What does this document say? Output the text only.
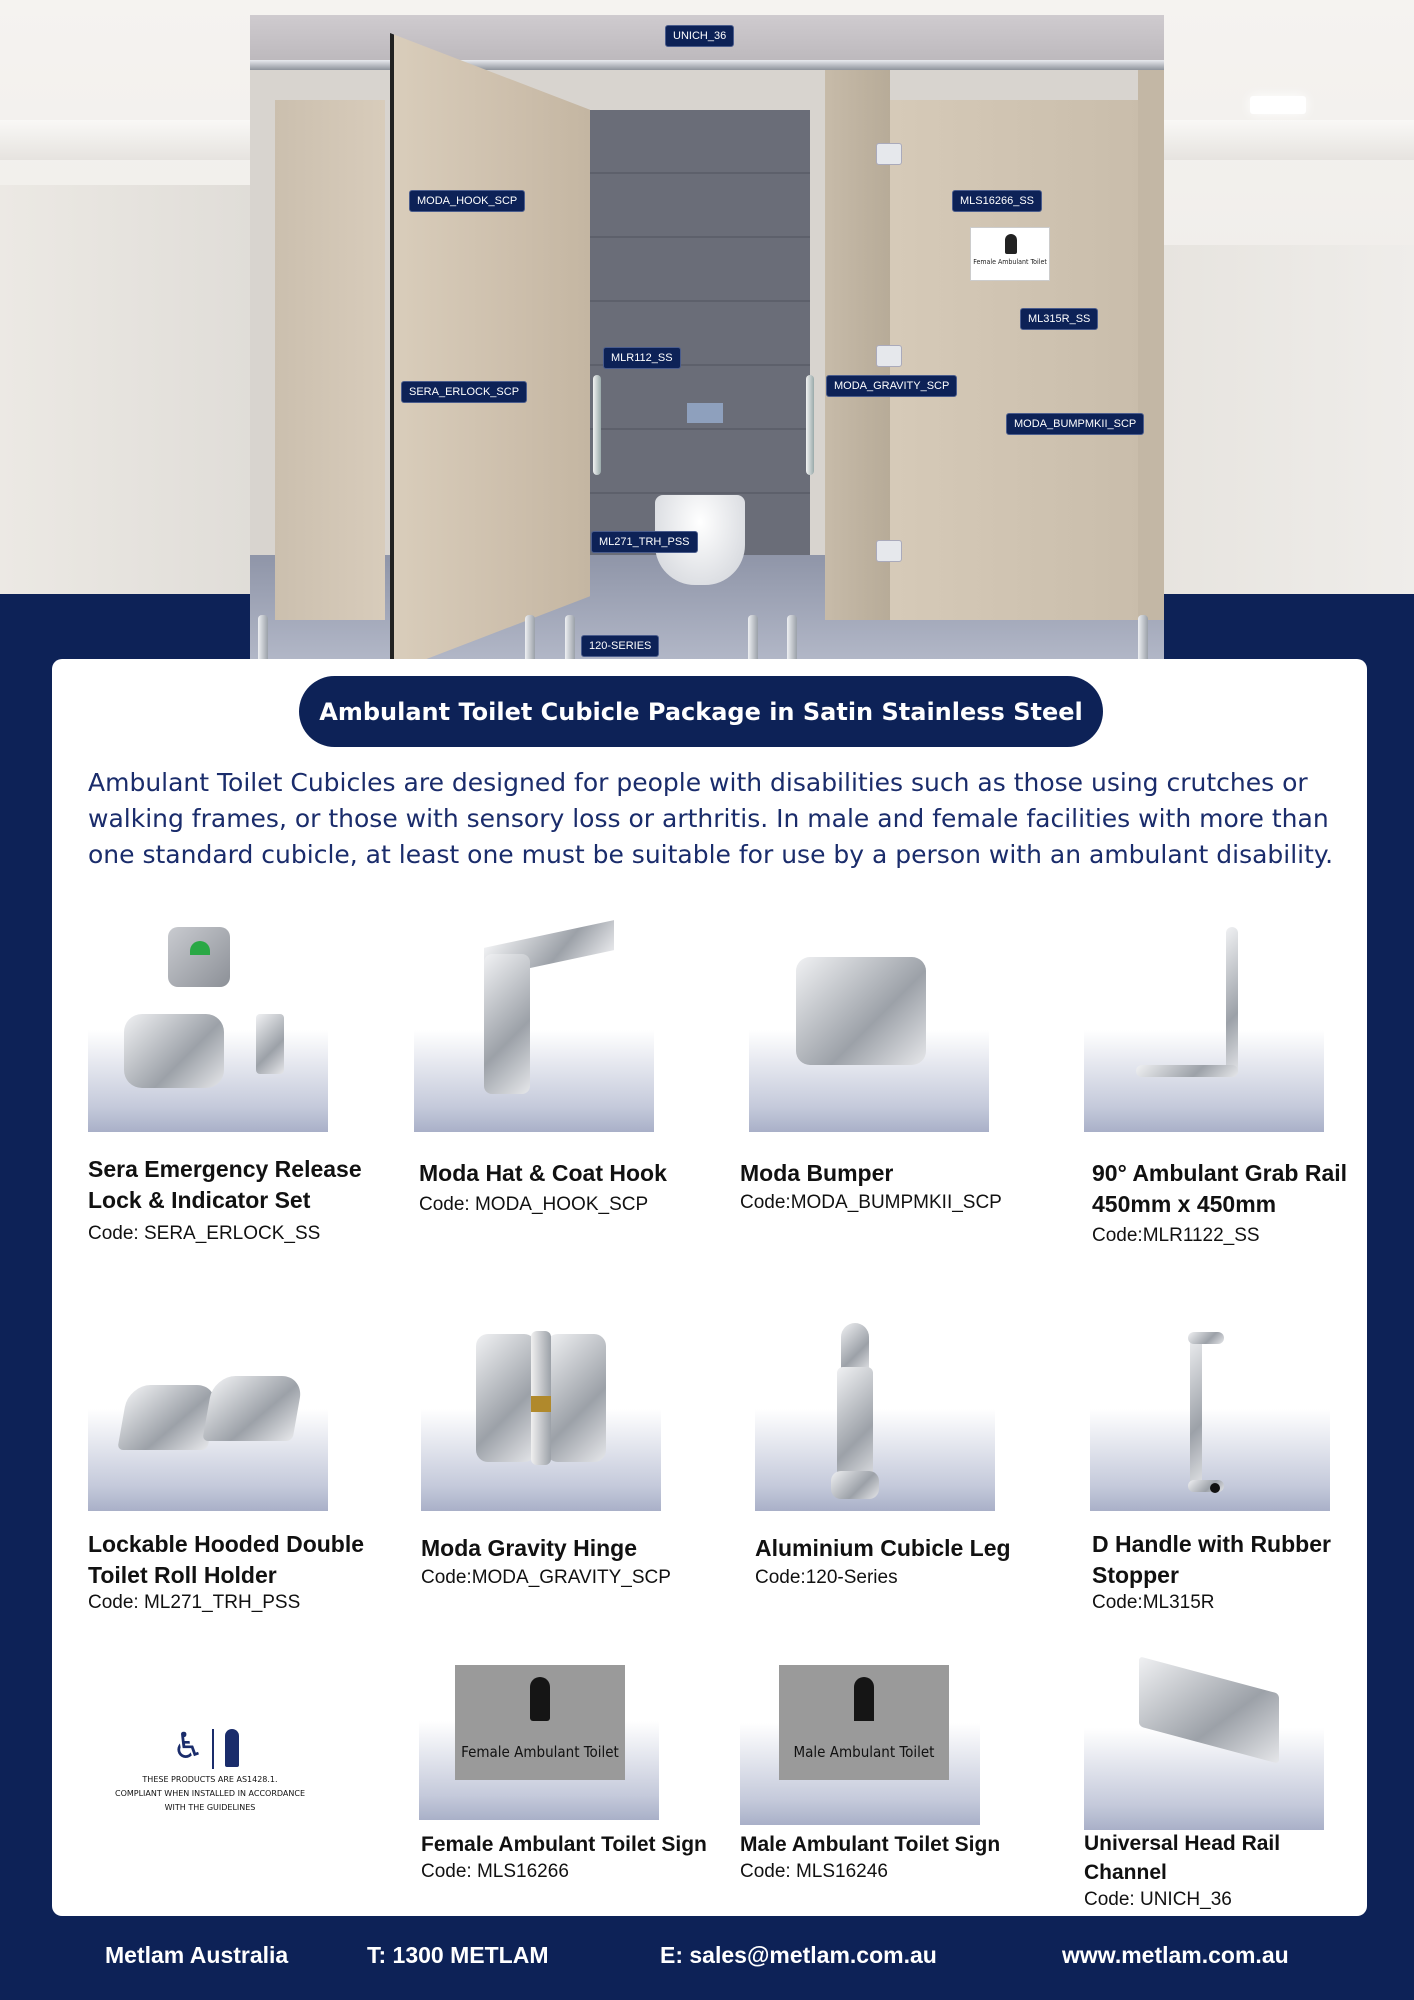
Female Ambulant Toilet
UNICH_36
MODA_HOOK_SCP
SERA_ERLOCK_SCP
MLR112_SS
ML271_TRH_PSS
120-SERIES
MLS16266_SS
ML315R_SS
MODA_GRAVITY_SCP
MODA_BUMPMKII_SCP
Ambulant Toilet Cubicle Package in Satin Stainless Steel

Ambulant Toilet Cubicles are designed for people with disabilities such as those using crutches or walking frames, or those with sensory loss or arthritis. In male and female facilities with more than one standard cubicle, at least one must be suitable for use by a person with an ambulant disability.

Sera Emergency Release Lock & Indicator Set
Code: SERA_ERLOCK_SS
Moda Hat & Coat Hook
Code: MODA_HOOK_SCP
Moda Bumper
Code:MODA_BUMPMKII_SCP
90° Ambulant Grab Rail 450mm x 450mm
Code:MLR1122_SS
Lockable Hooded Double Toilet Roll Holder
Code: ML271_TRH_PSS
Moda Gravity Hinge
Code:MODA_GRAVITY_SCP
Aluminium Cubicle Leg
Code:120-Series
D Handle with Rubber Stopper
Code:ML315R
♿
THESE PRODUCTS ARE AS1428.1.
COMPLIANT WHEN INSTALLED IN ACCORDANCE
WITH THE GUIDELINES
Female Ambulant Toilet	Male Ambulant Toilet
Female Ambulant Toilet Sign
Code: MLS16266
Male Ambulant Toilet Sign
Code: MLS16246
Universal Head Rail Channel
Code: UNICH_36
Metlam Australia	T: 1300 METLAM	E: sales@metlam.com.au	www.metlam.com.au
